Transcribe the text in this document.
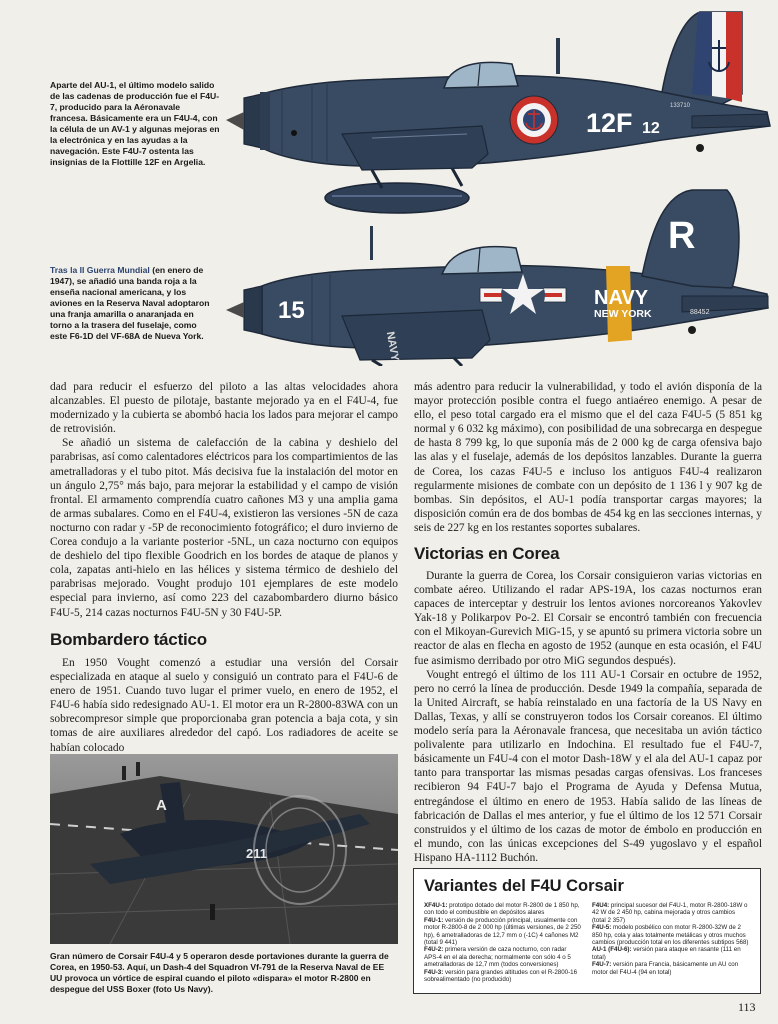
Aparte del AU-1, el último modelo salido de las cadenas de producción fue el F4U-7, producido para la Aéronavale francesa. Básicamente era un F4U-4, con la célula de un AV-1 y algunas mejoras en la electrónica y en las ayudas a la navegación. Este F4U-7 ostenta las insignias de la Flottille 12F en Argelia.
12F 12
133710
Tras la II Guerra Mundial (en enero de 1947), se añadió una banda roja a la enseña nacional americana, y los aviones en la Reserva Naval adoptaron una franja amarilla o anaranjada en torno a la trasera del fuselaje, como este F6-1D del VF-68A de Nueva York.
15
R
NAVY
NEW YORK	88452
NAVY

dad para reducir el esfuerzo del piloto a las altas velocidades ahora alcanzables. El puesto de pilotaje, bastante mejorado ya en el F4U-4, fue modernizado y la cubierta se abombó hacia los lados para mejorar el campo de retrovisión.

Se añadió un sistema de calefacción de la cabina y deshielo del parabrisas, así como calentadores eléctricos para los compartimientos de las ametralladoras y el tubo pitot. Más decisiva fue la instalación del motor en un ángulo 2,75° más bajo, para mejorar la estabilidad y el campo de visión frontal. El armamento comprendía cuatro cañones M3 y una amplia gama de armas subalares. Como en el F4U-4, existieron las versiones -5N de caza nocturno con radar y -5P de reconocimiento fotográfico; el duro invierno de Corea condujo a la variante posterior -5NL, un caza nocturno con equipos de deshielo del tipo flexible Goodrich en los bordes de ataque de planos y cola, zapatas anti-hielo en las hélices y sistema térmico de deshielo del parabrisas mejorado. Vought produjo 101 ejemplares de este modelo especial para invierno, así como 223 del cazabombardero diurno básico F4U-5, 214 cazas nocturnos F4U-5N y 30 F4U-5P.

Bombardero táctico

En 1950 Vought comenzó a estudiar una versión del Corsair especializada en ataque al suelo y consiguió un contrato para el F4U-6 de enero de 1951. Cuando tuvo lugar el primer vuelo, en enero de 1952, el F4U-6 había sido redesignado AU-1. El motor era un R-2800-83WA con un sobrecompresor simple que proporcionaba gran potencia a baja cota, y sin tomas de aire auxiliares alrededor del capó. Los radiadores de aceite se habían colocado

A
211
Gran número de Corsair F4U-4 y 5 operaron desde portaviones durante la guerra de Corea, en 1950-53. Aquí, un Dash-4 del Squadron Vf-791 de la Reserva Naval de EE UU provoca un vórtice de espiral cuando el piloto «dispara» el motor R-2800 en despegue del USS Boxer (foto Us Navy).

más adentro para reducir la vulnerabilidad, y todo el avión disponía de la mayor protección posible contra el fuego antiaéreo enemigo. A pesar de ello, el peso total cargado era el mismo que el del caza F4U-5 (5 851 kg normal y 6 032 kg máximo), con posibilidad de una sobrecarga en despegue de hasta 8 799 kg, lo que suponía más de 2 000 kg de carga ofensiva bajo las alas y el fuselaje, además de los depósitos lanzables. Durante la guerra de Corea, los cazas F4U-5 e incluso los antiguos F4U-4 realizaron regularmente misiones de combate con un depósito de 1 136 l y 907 kg de bombas. Sin depósitos, el AU-1 podía transportar cargas mayores; la disposición común era de dos bombas de 454 kg en las secciones internas, y seis de 227 kg en los restantes soportes subalares.

Victorias en Corea

Durante la guerra de Corea, los Corsair consiguieron varias victorias en combate aéreo. Utilizando el radar APS-19A, los cazas nocturnos eran capaces de interceptar y destruir los lentos aviones norcoreanos Yakovlev Yak-18 y Polikarpov Po-2. El Corsair se encontró también con frecuencia con el Mikoyan-Gurevich MiG-15, y se apuntó su primera victoria sobre un reactor de alas en flecha en agosto de 1952 (aunque en esta ocasión, el F4U fue asimismo derribado por otro MiG segundos después).

Vought entregó el último de los 111 AU-1 Corsair en octubre de 1952, pero no cerró la línea de producción. Desde 1949 la compañía, separada de la United Aircraft, se había reinstalado en una factoría de la US Navy en Dallas, Texas, y allí se construyeron todos los Corsair coreanos. El último modelo sería para la Aéronavale francesa, que necesitaba un avión táctico polivalente para utilizarlo en Indochina. El resultado fue el F4U-7, básicamente un F4U-4 con el motor Dash-18W y el ala del AU-1 capaz por tanto para transportar las mismas pesadas cargas ofensivas. Los franceses recibieron 94 F4U-7 bajo el Programa de Ayuda y Defensa Mutua, entregándose el último en enero de 1953. Había salido de las líneas de fabricación de Dallas el mes anterior, y fue el último de los 12 571 Corsair construidos y el último de los cazas de motor de émbolo en producción en el mundo, con las únicas excepciones del S-49 yugoslavo y el español Hispano HA-1112 Buchón.

Variantes del F4U Corsair
XF4U-1: prototipo dotado del motor R-2800 de 1 850 hp, con todo el combustible en depósitos alares
F4U-1: versión de producción principal, usualmente con motor R-2800-8 de 2 000 hp (últimas versiones, de 2 250 hp), 6 ametralladoras de 12,7 mm o (-1C) 4 cañones M2 (total 9 441)
F4U-2: primera versión de caza nocturno, con radar APS-4 en el ala derecha; normalmente con sólo 4 o 5 ametralladoras de 12,7 mm (todos conversiones)
F4U-3: versión para grandes altitudes con el R-2800-16 sobrealimentado (no producido)
F4U4: principal sucesor del F4U-1, motor R-2800-18W o 42 W de 2 450 hp, cabina mejorada y otros cambios (total 2 357)
F4U-5: modelo posbélico con motor R-2800-32W de 2 850 hp, cola y alas totalmente metálicas y otros muchos cambios (producción total en los diferentes subtipos 568)
AU-1 (F4U-6): versión para ataque en rasante (111 en total)
F4U-7: versión para Francia, básicamente un AU con motor del F4U-4 (94 en total)
113
